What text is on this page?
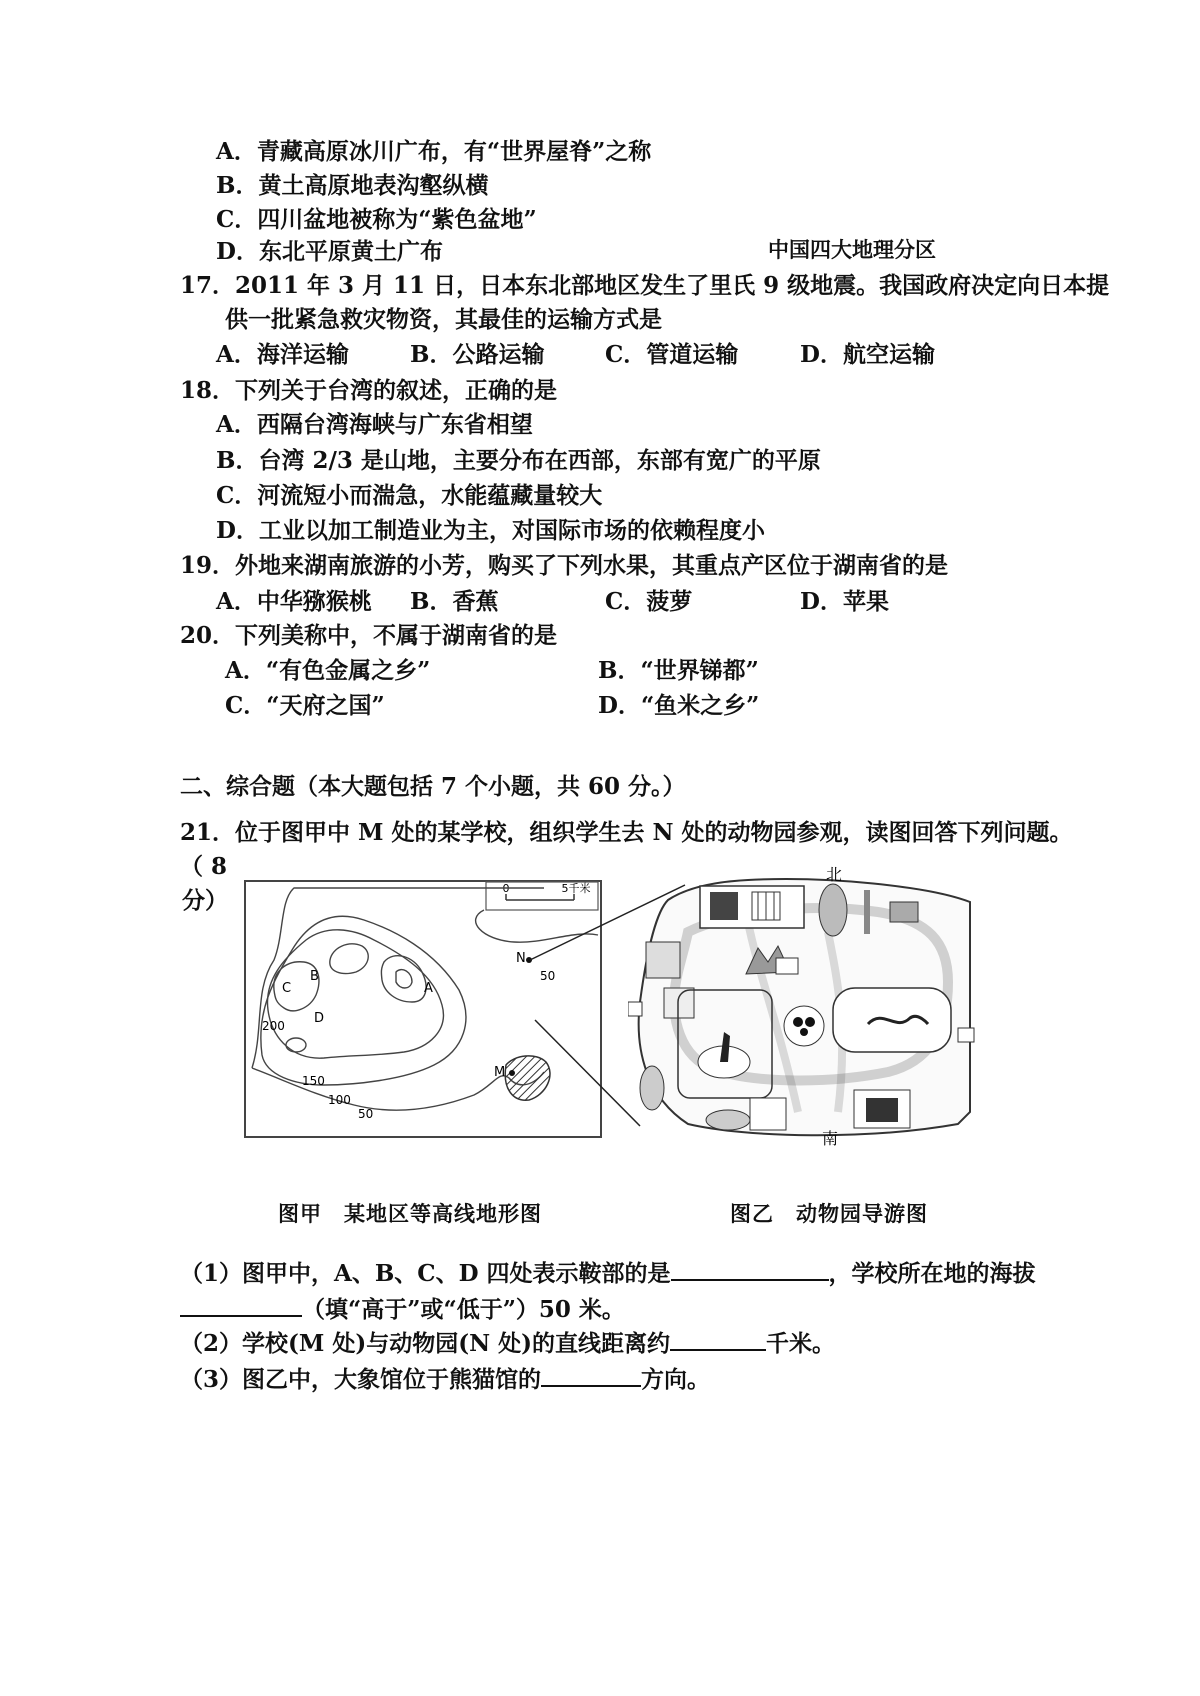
A．青藏高原冰川广布，有“世界屋脊”之称
B．黄土高原地表沟壑纵横
C．四川盆地被称为“紫色盆地”
D．东北平原黄土广布	中国四大地理分区
17．2011 年 3 月 11 日，日本东北部地区发生了里氏 9 级地震。我国政府决定向日本提
供一批紧急救灾物资，其最佳的运输方式是
A．海洋运输	B．公路运输	C．管道运输	D．航空运输
18．下列关于台湾的叙述，正确的是
A．西隔台湾海峡与广东省相望
B．台湾 2/3 是山地，主要分布在西部，东部有宽广的平原
C．河流短小而湍急，水能蕴藏量较大
D．工业以加工制造业为主，对国际市场的依赖程度小
19．外地来湖南旅游的小芳，购买了下列水果，其重点产区位于湖南省的是
A．中华猕猴桃 B．香蕉	C．菠萝	D．苹果
20．下列美称中，不属于湖南省的是
A．“有色金属之乡”	B．“世界锑都”
C．“天府之国”	D．“鱼米之乡”
二、综合题（本大题包括 7 个小题，共 60 分。）
21．位于图甲中 M 处的某学校，组织学生去 N 处的动物园参观，读图回答下列问题。
（ 8
分）	0	5千米
A
B
C
D
M
N
200
150
100
50
50
北
南
图甲　某地区等高线地形图	图乙　动物园导游图
（1）图甲中，A、B、C、D 四处表示鞍部的是	，学校所在地的海拔
（填“高于”或“低于”）50 米。
（2）学校(M 处)与动物园(N 处)的直线距离约	千米。
（3）图乙中，大象馆位于熊猫馆的	方向。
